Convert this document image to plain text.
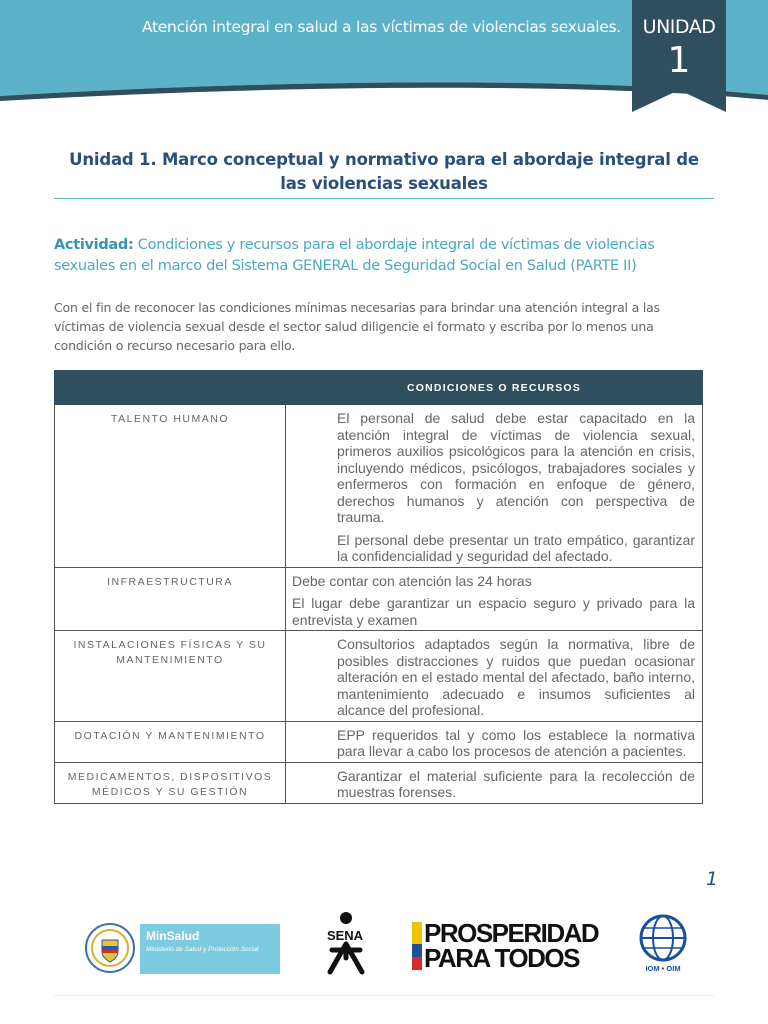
Atención integral en salud a las víctimas de violencias sexuales.	UNIDAD
1
Unidad 1. Marco conceptual y normativo para el abordaje integral de las violencias sexuales
Actividad: Condiciones y recursos para el abordaje integral de víctimas de violencias sexuales en el marco del Sistema GENERAL de Seguridad Social en Salud (PARTE II)
Con el fin de reconocer las condiciones mínimas necesarias para brindar una atención integral a las víctimas de violencia sexual desde el sector salud diligencie el formato y escriba por lo menos una condición o recurso necesario para ello.
	CONDICIONES O RECURSOS
TALENTO HUMANO	El personal de salud debe estar capacitado en la atención integral de víctimas de violencia sexual, primeros auxilios psicológicos para la atención en crisis, incluyendo médicos, psicólogos, trabajadores sociales y enfermeros con formación en enfoque de género, derechos humanos y atención con perspectiva de trauma.

El personal debe presentar un trato empático, garantizar la confidencialidad y seguridad del afectado.

INFRAESTRUCTURA	Debe contar con atención las 24 horas

El lugar debe garantizar un espacio seguro y privado para la entrevista y examen

INSTALACIONES FÍSICAS Y SU MANTENIMIENTO	Consultorios adaptados según la normativa, libre de posibles distracciones y ruidos que puedan ocasionar alteración en el estado mental del afectado, baño interno, mantenimiento adecuado e insumos suficientes al alcance del profesional.

DOTACIÓN Y MANTENIMIENTO	EPP requeridos tal y como los establece la normativa para llevar a cabo los procesos de atención a pacientes.

MEDICAMENTOS, DISPOSITIVOS MÉDICOS Y SU GESTIÓN	Garantizar el material suficiente para la recolección de muestras forenses.

1
MinSalud
Ministerio de Salud y Protección Social
SENA	PROSPERIDAD
PARA TODOS	IOM • OIM
